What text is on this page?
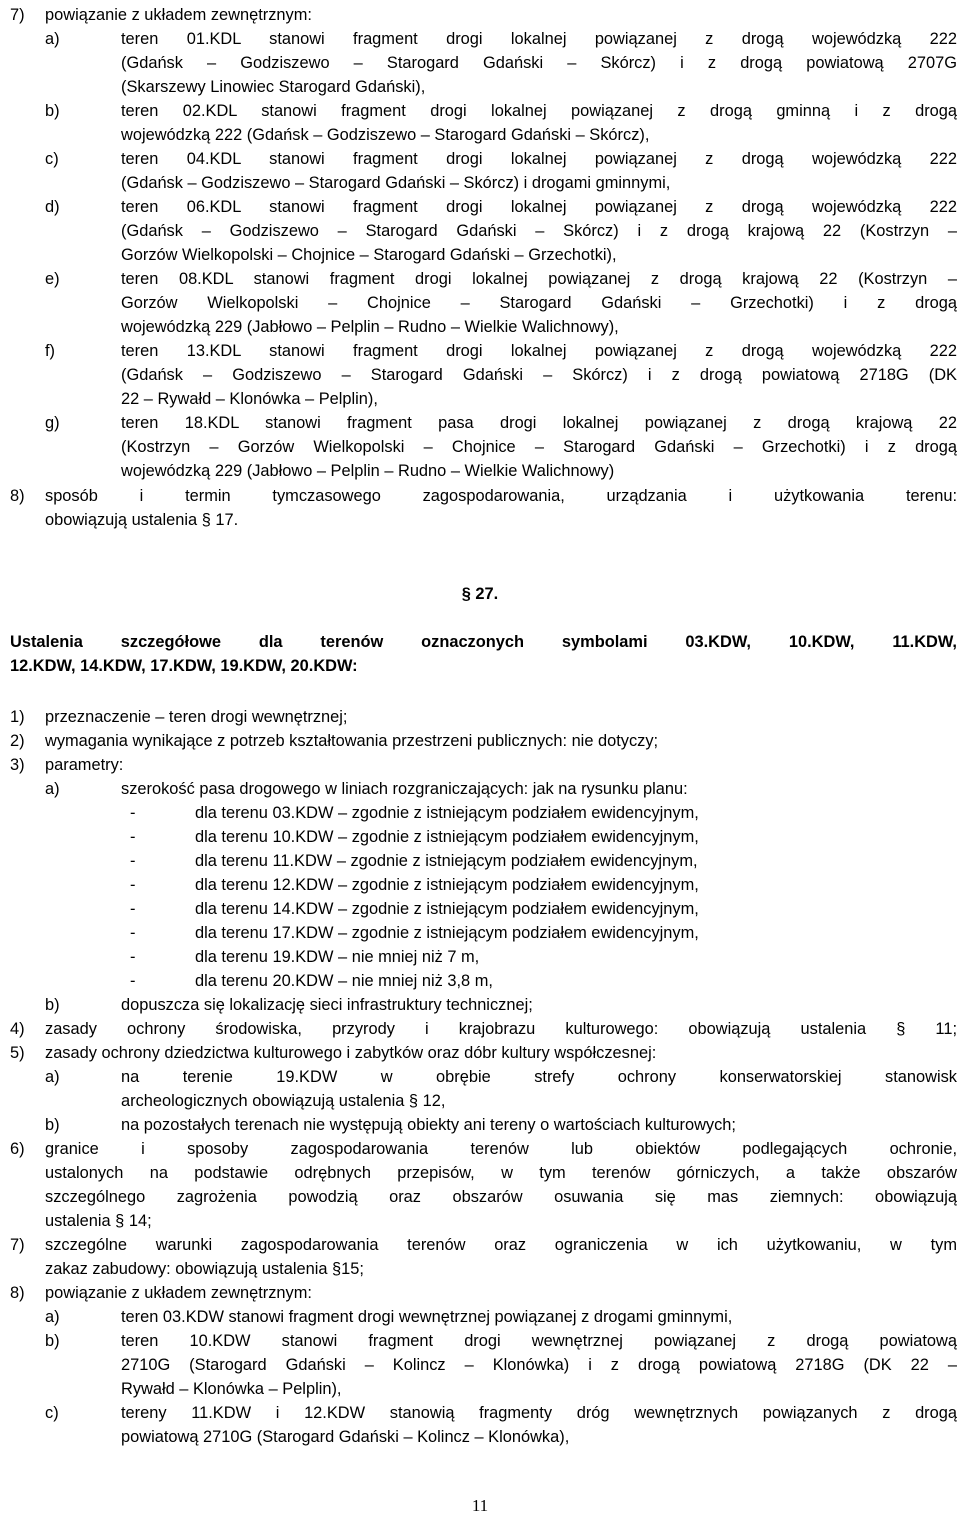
7) powiązanie z układem zewnętrznym:
a)	teren 01.KDL stanowi fragment drogi lokalnej powiązanej z drogą wojewódzką 222
(Gdańsk – Godziszewo – Starogard Gdański – Skórcz) i z drogą powiatową 2707G
(Skarszewy Linowiec Starogard Gdański),
b)	teren 02.KDL stanowi fragment drogi lokalnej powiązanej z drogą gminną i z drogą
wojewódzką 222 (Gdańsk – Godziszewo – Starogard Gdański – Skórcz),
c)	teren 04.KDL stanowi fragment drogi lokalnej powiązanej z drogą wojewódzką 222
(Gdańsk – Godziszewo – Starogard Gdański – Skórcz) i drogami gminnymi,
d)	teren 06.KDL stanowi fragment drogi lokalnej powiązanej z drogą wojewódzką 222
(Gdańsk – Godziszewo – Starogard Gdański – Skórcz) i z drogą krajową 22 (Kostrzyn –
Gorzów Wielkopolski – Chojnice – Starogard Gdański – Grzechotki),
e)	teren 08.KDL stanowi fragment drogi lokalnej powiązanej z drogą krajową 22 (Kostrzyn –
Gorzów Wielkopolski – Chojnice – Starogard Gdański – Grzechotki) i z drogą
wojewódzką 229 (Jabłowo – Pelplin – Rudno – Wielkie Walichnowy),
f)	teren 13.KDL stanowi fragment drogi lokalnej powiązanej z drogą wojewódzką 222
(Gdańsk – Godziszewo – Starogard Gdański – Skórcz) i z drogą powiatową 2718G (DK
22 – Rywałd – Klonówka – Pelplin),
g)	teren 18.KDL stanowi fragment pasa drogi lokalnej powiązanej z drogą krajową 22
(Kostrzyn – Gorzów Wielkopolski – Chojnice – Starogard Gdański – Grzechotki) i z drogą
wojewódzką 229 (Jabłowo – Pelplin – Rudno – Wielkie Walichnowy)
8) sposób i termin tymczasowego zagospodarowania, urządzania i użytkowania terenu:
obowiązują ustalenia § 17.
§ 27.
Ustalenia szczegółowe dla terenów oznaczonych symbolami 03.KDW, 10.KDW, 11.KDW,
12.KDW, 14.KDW, 17.KDW, 19.KDW, 20.KDW:
1) przeznaczenie – teren drogi wewnętrznej;
2) wymagania wynikające z potrzeb kształtowania przestrzeni publicznych: nie dotyczy;
3) parametry:
a)	szerokość pasa drogowego w liniach rozgraniczających: jak na rysunku planu:
-	dla terenu 03.KDW – zgodnie z istniejącym podziałem ewidencyjnym,
-	dla terenu 10.KDW – zgodnie z istniejącym podziałem ewidencyjnym,
-	dla terenu 11.KDW – zgodnie z istniejącym podziałem ewidencyjnym,
-	dla terenu 12.KDW – zgodnie z istniejącym podziałem ewidencyjnym,
-	dla terenu 14.KDW – zgodnie z istniejącym podziałem ewidencyjnym,
-	dla terenu 17.KDW – zgodnie z istniejącym podziałem ewidencyjnym,
-	dla terenu 19.KDW – nie mniej niż 7 m,
-	dla terenu 20.KDW – nie mniej niż 3,8 m,
b)	dopuszcza się lokalizację sieci infrastruktury technicznej;
4) zasady ochrony środowiska, przyrody i krajobrazu kulturowego: obowiązują ustalenia § 11;
5) zasady ochrony dziedzictwa kulturowego i zabytków oraz dóbr kultury współczesnej:
a)	na terenie 19.KDW w obrębie strefy ochrony konserwatorskiej stanowisk
archeologicznych obowiązują ustalenia § 12,
b)	na pozostałych terenach nie występują obiekty ani tereny o wartościach kulturowych;
6) granice i sposoby zagospodarowania terenów lub obiektów podlegających ochronie,
ustalonych na podstawie odrębnych przepisów, w tym terenów górniczych, a także obszarów
szczególnego zagrożenia powodzią oraz obszarów osuwania się mas ziemnych: obowiązują
ustalenia § 14;
7) szczególne warunki zagospodarowania terenów oraz ograniczenia w ich użytkowaniu, w tym
zakaz zabudowy: obowiązują ustalenia §15;
8) powiązanie z układem zewnętrznym:
a)	teren 03.KDW stanowi fragment drogi wewnętrznej powiązanej z drogami gminnymi,
b)	teren 10.KDW stanowi fragment drogi wewnętrznej powiązanej z drogą powiatową
2710G (Starogard Gdański – Kolincz – Klonówka) i z drogą powiatową 2718G (DK 22 –
Rywałd – Klonówka – Pelplin),
c)	tereny 11.KDW i 12.KDW stanowią fragmenty dróg wewnętrznych powiązanych z drogą
powiatową 2710G (Starogard Gdański – Kolincz – Klonówka),
11
